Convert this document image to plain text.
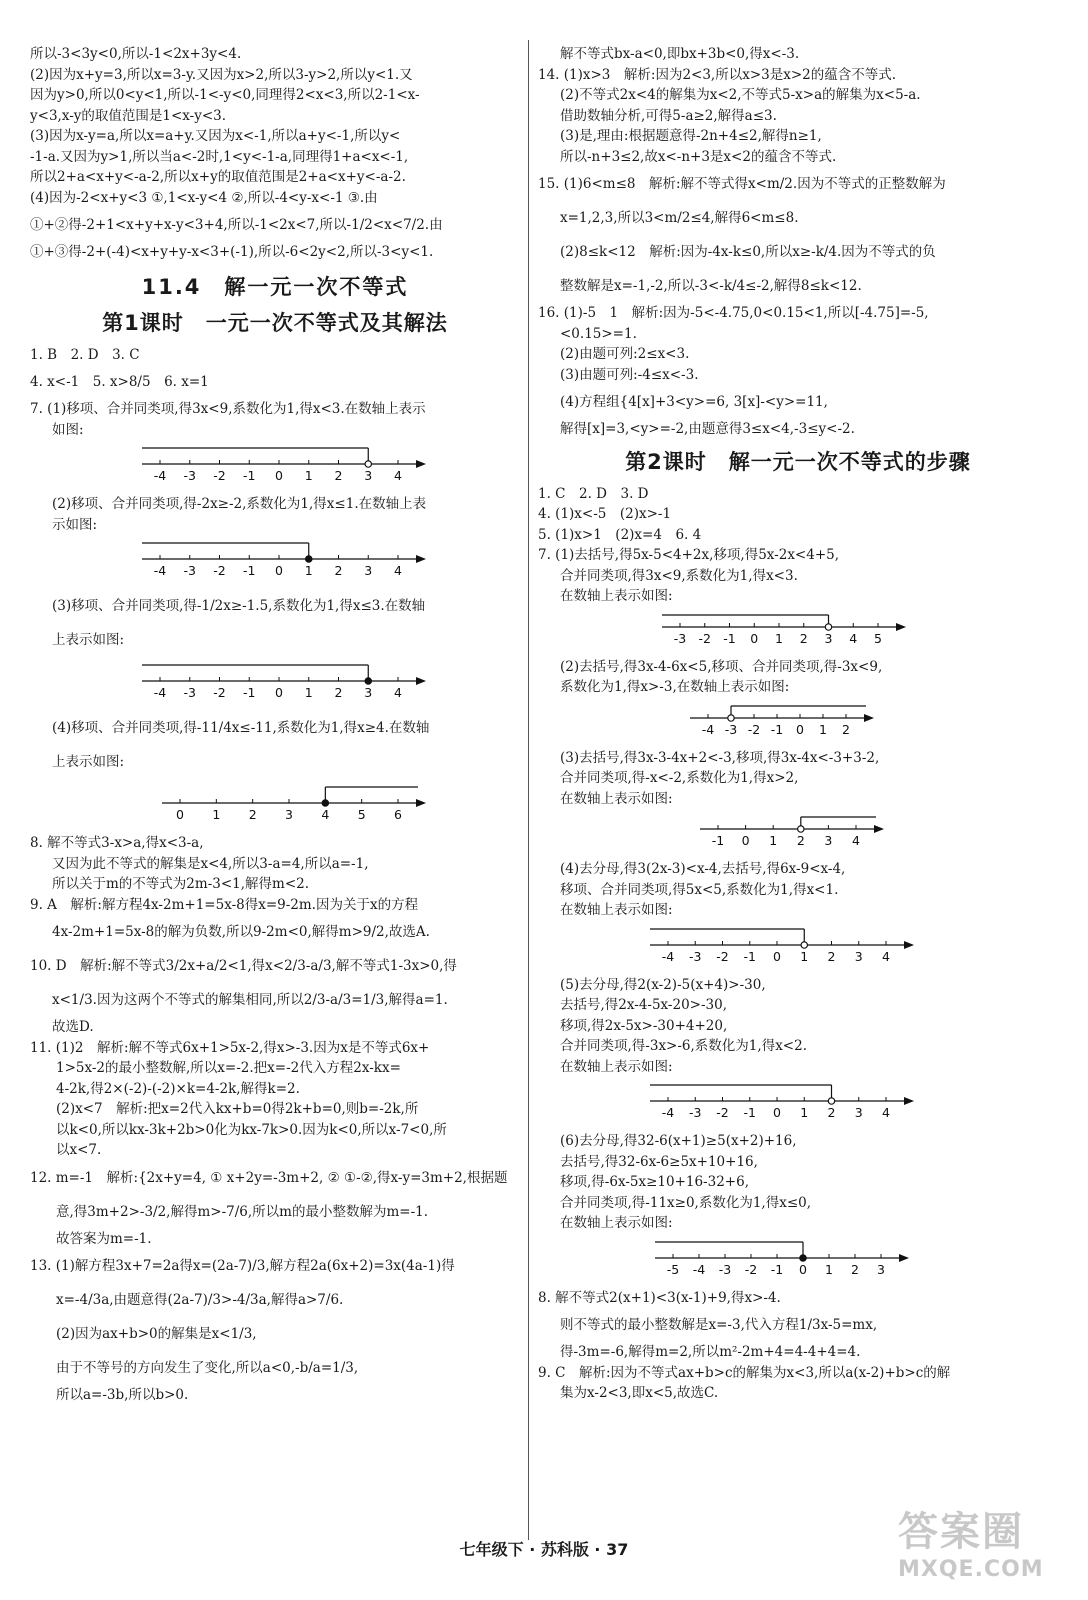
所以-3<3y<0,所以-1<2x+3y<4.
(2)因为x+y=3,所以x=3-y.又因为x>2,所以3-y>2,所以y<1.又
因为y>0,所以0<y<1,所以-1<-y<0,同理得2<x<3,所以2-1<x-
y<3,x-y的取值范围是1<x-y<3.
(3)因为x-y=a,所以x=a+y.又因为x<-1,所以a+y<-1,所以y<
-1-a.又因为y>1,所以当a<-2时,1<y<-1-a,同理得1+a<x<-1,
所以2+a<x+y<-a-2,所以x+y的取值范围是2+a<x+y<-a-2.
(4)因为-2<x+y<3 ①,1<x-y<4 ②,所以-4<y-x<-1 ③.由
①+②得-2+1<x+y+x-y<3+4,所以-1<2x<7,所以-1/2<x<7/2.由
①+③得-2+(-4)<x+y+y-x<3+(-1),所以-6<2y<2,所以-3<y<1.
11.4　解一元一次不等式
第1课时　一元一次不等式及其解法
1. B　2. D　3. C
4. x<-1　5. x>8/5　6. x=1
7. (1)移项、合并同类项,得3x<9,系数化为1,得x<3.在数轴上表示
如图:
-4 -3 -2 -1 0 1 2 3 4
(2)移项、合并同类项,得-2x≥-2,系数化为1,得x≤1.在数轴上表
示如图:
-4 -3 -2 -1 0 1 2 3 4
(3)移项、合并同类项,得-1/2x≥-1.5,系数化为1,得x≤3.在数轴
上表示如图:
-4 -3 -2 -1 0 1 2 3 4
(4)移项、合并同类项,得-11/4x≤-11,系数化为1,得x≥4.在数轴
上表示如图:
0 1 2 3 4 5 6
8. 解不等式3-x>a,得x<3-a,
又因为此不等式的解集是x<4,所以3-a=4,所以a=-1,
所以关于m的不等式为2m-3<1,解得m<2.
9. A　解析:解方程4x-2m+1=5x-8得x=9-2m.因为关于x的方程
4x-2m+1=5x-8的解为负数,所以9-2m<0,解得m>9/2,故选A.
10. D　解析:解不等式3/2x+a/2<1,得x<2/3-a/3,解不等式1-3x>0,得
x<1/3.因为这两个不等式的解集相同,所以2/3-a/3=1/3,解得a=1.
故选D.
11. (1)2　解析:解不等式6x+1>5x-2,得x>-3.因为x是不等式6x+
1>5x-2的最小整数解,所以x=-2.把x=-2代入方程2x-kx=
4-2k,得2×(-2)-(-2)×k=4-2k,解得k=2.
(2)x<7　解析:把x=2代入kx+b=0得2k+b=0,则b=-2k,所
以k<0,所以kx-3k+2b>0化为kx-7k>0.因为k<0,所以x-7<0,所
以x<7.
12. m=-1　解析:{2x+y=4, ① x+2y=-3m+2, ② ①-②,得x-y=3m+2,根据题
意,得3m+2>-3/2,解得m>-7/6,所以m的最小整数解为m=-1.
故答案为m=-1.
13. (1)解方程3x+7=2a得x=(2a-7)/3,解方程2a(6x+2)=3x(4a-1)得
x=-4/3a,由题意得(2a-7)/3>-4/3a,解得a>7/6.
(2)因为ax+b>0的解集是x<1/3,
由于不等号的方向发生了变化,所以a<0,-b/a=1/3,
所以a=-3b,所以b>0.
解不等式bx-a<0,即bx+3b<0,得x<-3.
14. (1)x>3　解析:因为2<3,所以x>3是x>2的蕴含不等式.
(2)不等式2x<4的解集为x<2,不等式5-x>a的解集为x<5-a.
借助数轴分析,可得5-a≥2,解得a≤3.
(3)是,理由:根据题意得-2n+4≤2,解得n≥1,
所以-n+3≤2,故x<-n+3是x<2的蕴含不等式.
15. (1)6<m≤8　解析:解不等式得x<m/2.因为不等式的正整数解为
x=1,2,3,所以3<m/2≤4,解得6<m≤8.
(2)8≤k<12　解析:因为-4x-k≤0,所以x≥-k/4.因为不等式的负
整数解是x=-1,-2,所以-3<-k/4≤-2,解得8≤k<12.
16. (1)-5　1　解析:因为-5<-4.75,0<0.15<1,所以[-4.75]=-5,
<0.15>=1.
(2)由题可列:2≤x<3.
(3)由题可列:-4≤x<-3.
(4)方程组{4[x]+3<y>=6, 3[x]-<y>=11,
解得[x]=3,<y>=-2,由题意得3≤x<4,-3≤y<-2.
第2课时　解一元一次不等式的步骤
1. C　2. D　3. D
4. (1)x<-5　(2)x>-1
5. (1)x>1　(2)x=4　6. 4
7. (1)去括号,得5x-5<4+2x,移项,得5x-2x<4+5,
合并同类项,得3x<9,系数化为1,得x<3.
在数轴上表示如图:
-3 -2 -1 0 1 2 3 4 5
(2)去括号,得3x-4-6x<5,移项、合并同类项,得-3x<9,
系数化为1,得x>-3,在数轴上表示如图:
-4 -3 -2 -1 0 1 2
(3)去括号,得3x-3-4x+2<-3,移项,得3x-4x<-3+3-2,
合并同类项,得-x<-2,系数化为1,得x>2,
在数轴上表示如图:
-1 0 1 2 3 4
(4)去分母,得3(2x-3)<x-4,去括号,得6x-9<x-4,
移项、合并同类项,得5x<5,系数化为1,得x<1.
在数轴上表示如图:
-4 -3 -2 -1 0 1 2 3 4
(5)去分母,得2(x-2)-5(x+4)>-30,
去括号,得2x-4-5x-20>-30,
移项,得2x-5x>-30+4+20,
合并同类项,得-3x>-6,系数化为1,得x<2.
在数轴上表示如图:
-4 -3 -2 -1 0 1 2 3 4
(6)去分母,得32-6(x+1)≥5(x+2)+16,
去括号,得32-6x-6≥5x+10+16,
移项,得-6x-5x≥10+16-32+6,
合并同类项,得-11x≥0,系数化为1,得x≤0,
在数轴上表示如图:
-5 -4 -3 -2 -1 0 1 2 3
8. 解不等式2(x+1)<3(x-1)+9,得x>-4.
则不等式的最小整数解是x=-3,代入方程1/3x-5=mx,
得-3m=-6,解得m=2,所以m²-2m+4=4-4+4=4.
9. C　解析:因为不等式ax+b>c的解集为x<3,所以a(x-2)+b>c的解
集为x-2<3,即x<5,故选C.
七年级下 · 苏科版 · 37	答案圈
MXQE.COM
